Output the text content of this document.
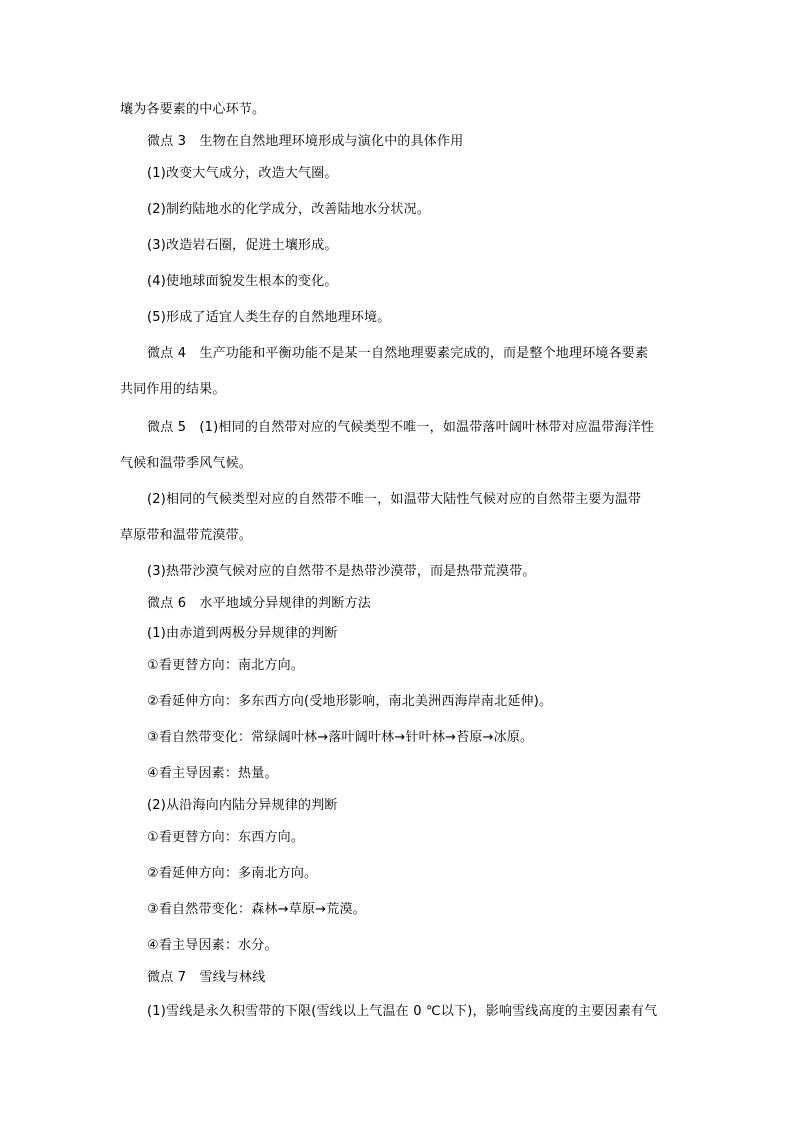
壤为各要素的中心环节。
微点 3　生物在自然地理环境形成与演化中的具体作用
(1)改变大气成分，改造大气圈。
(2)制约陆地水的化学成分，改善陆地水分状况。
(3)改造岩石圈，促进土壤形成。
(4)使地球面貌发生根本的变化。
(5)形成了适宜人类生存的自然地理环境。
微点 4　生产功能和平衡功能不是某一自然地理要素完成的，而是整个地理环境各要素
共同作用的结果。
微点 5　(1)相同的自然带对应的气候类型不唯一，如温带落叶阔叶林带对应温带海洋性
气候和温带季风气候。
(2)相同的气候类型对应的自然带不唯一，如温带大陆性气候对应的自然带主要为温带
草原带和温带荒漠带。
(3)热带沙漠气候对应的自然带不是热带沙漠带，而是热带荒漠带。
微点 6　水平地域分异规律的判断方法
(1)由赤道到两极分异规律的判断
①看更替方向：南北方向。
②看延伸方向：多东西方向(受地形影响，南北美洲西海岸南北延伸)。
③看自然带变化：常绿阔叶林→落叶阔叶林→针叶林→苔原→冰原。
④看主导因素：热量。
(2)从沿海向内陆分异规律的判断
①看更替方向：东西方向。
②看延伸方向：多南北方向。
③看自然带变化：森林→草原→荒漠。
④看主导因素：水分。
微点 7　雪线与林线
(1)雪线是永久积雪带的下限(雪线以上气温在 0 ℃以下)，影响雪线高度的主要因素有气
